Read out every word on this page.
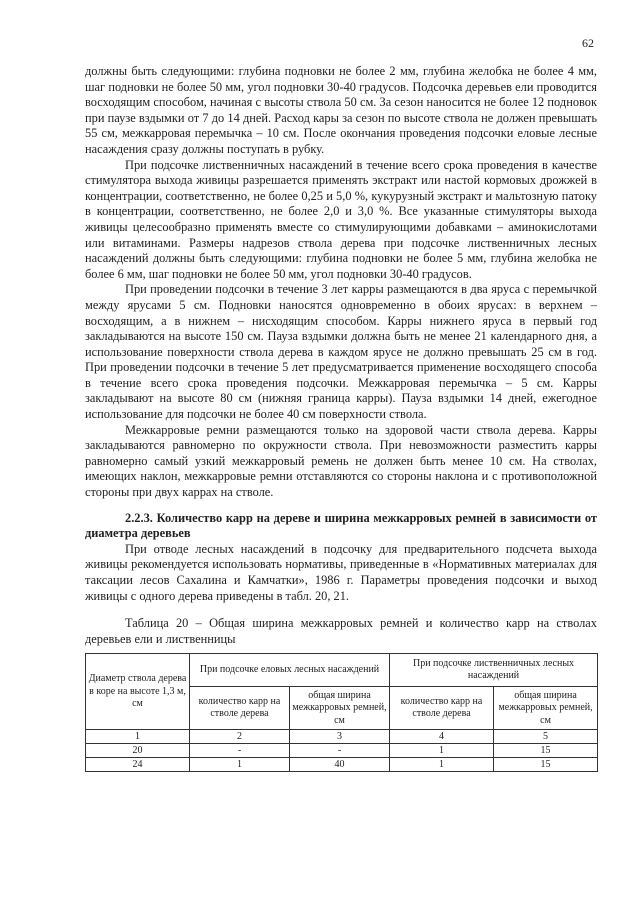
62

должны быть следующими: глубина подновки не более 2 мм, глубина желобка не более 4 мм, шаг подновки не более 50 мм, угол подновки 30-40 градусов. Подсочка деревьев ели проводится восходящим способом, начиная с высоты ствола 50 см. За сезон наносится не более 12 подновок при паузе вздымки от 7 до 14 дней. Расход кары за сезон по высоте ствола не должен превышать 55 см, межкарровая перемычка – 10 см. После окончания проведения подсочки еловые лесные насаждения сразу должны поступать в рубку.

При подсочке лиственничных насаждений в течение всего срока проведения в качестве стимулятора выхода живицы разрешается применять экстракт или настой кормовых дрожжей в концентрации, соответственно, не более 0,25 и 5,0 %, кукурузный экстракт и мальтозную патоку в концентрации, соответственно, не более 2,0 и 3,0 %. Все указанные стимуляторы выхода живицы целесообразно применять вместе со стимулирующими добавками – аминокислотами или витаминами. Размеры надрезов ствола дерева при подсочке лиственничных лесных насаждений должны быть следующими: глубина подновки не более 5 мм, глубина желобка не более 6 мм, шаг подновки не более 50 мм, угол подновки 30-40 градусов.

При проведении подсочки в течение 3 лет карры размещаются в два яруса с перемычкой между ярусами 5 см. Подновки наносятся одновременно в обоих ярусах: в верхнем – восходящим, а в нижнем – нисходящим способом. Карры нижнего яруса в первый год закладываются на высоте 150 см. Пауза вздымки должна быть не менее 21 календарного дня, а использование поверхности ствола дерева в каждом ярусе не должно превышать 25 см в год. При проведении подсочки в течение 5 лет предусматривается применение восходящего способа в течение всего срока проведения подсочки. Межкарровая перемычка – 5 см. Карры закладывают на высоте 80 см (нижняя граница карры). Пауза вздымки 14 дней, ежегодное использование для подсочки не более 40 см поверхности ствола.

Межкарровые ремни размещаются только на здоровой части ствола дерева. Карры закладываются равномерно по окружности ствола. При невозможности разместить карры равномерно самый узкий межкарровый ремень не должен быть менее 10 см. На стволах, имеющих наклон, межкарровые ремни отставляются со стороны наклона и с противоположной стороны при двух каррах на стволе.

2.2.3. Количество карр на дереве и ширина межкарровых ремней в зависимости от диаметра деревьев

При отводе лесных насаждений в подсочку для предварительного подсчета выхода живицы рекомендуется использовать нормативы, приведенные в «Нормативных материалах для таксации лесов Сахалина и Камчатки», 1986 г. Параметры проведения подсочки и выход живицы с одного дерева приведены в табл. 20, 21.

Таблица 20 – Общая ширина межкарровых ремней и количество карр на стволах деревьев ели и лиственницы

Диаметр ствола дерева в коре на высоте 1,3 м, см	При подсочке еловых лесных насаждений		При подсочке лиственничных лесных насаждений	
	количество карр на стволе дерева	общая ширина межкарровых ремней, см	количество карр на стволе дерева	общая ширина межкарровых ремней, см
1	2	3	4	5
20	-	-	1	15
24	1	40	1	15
